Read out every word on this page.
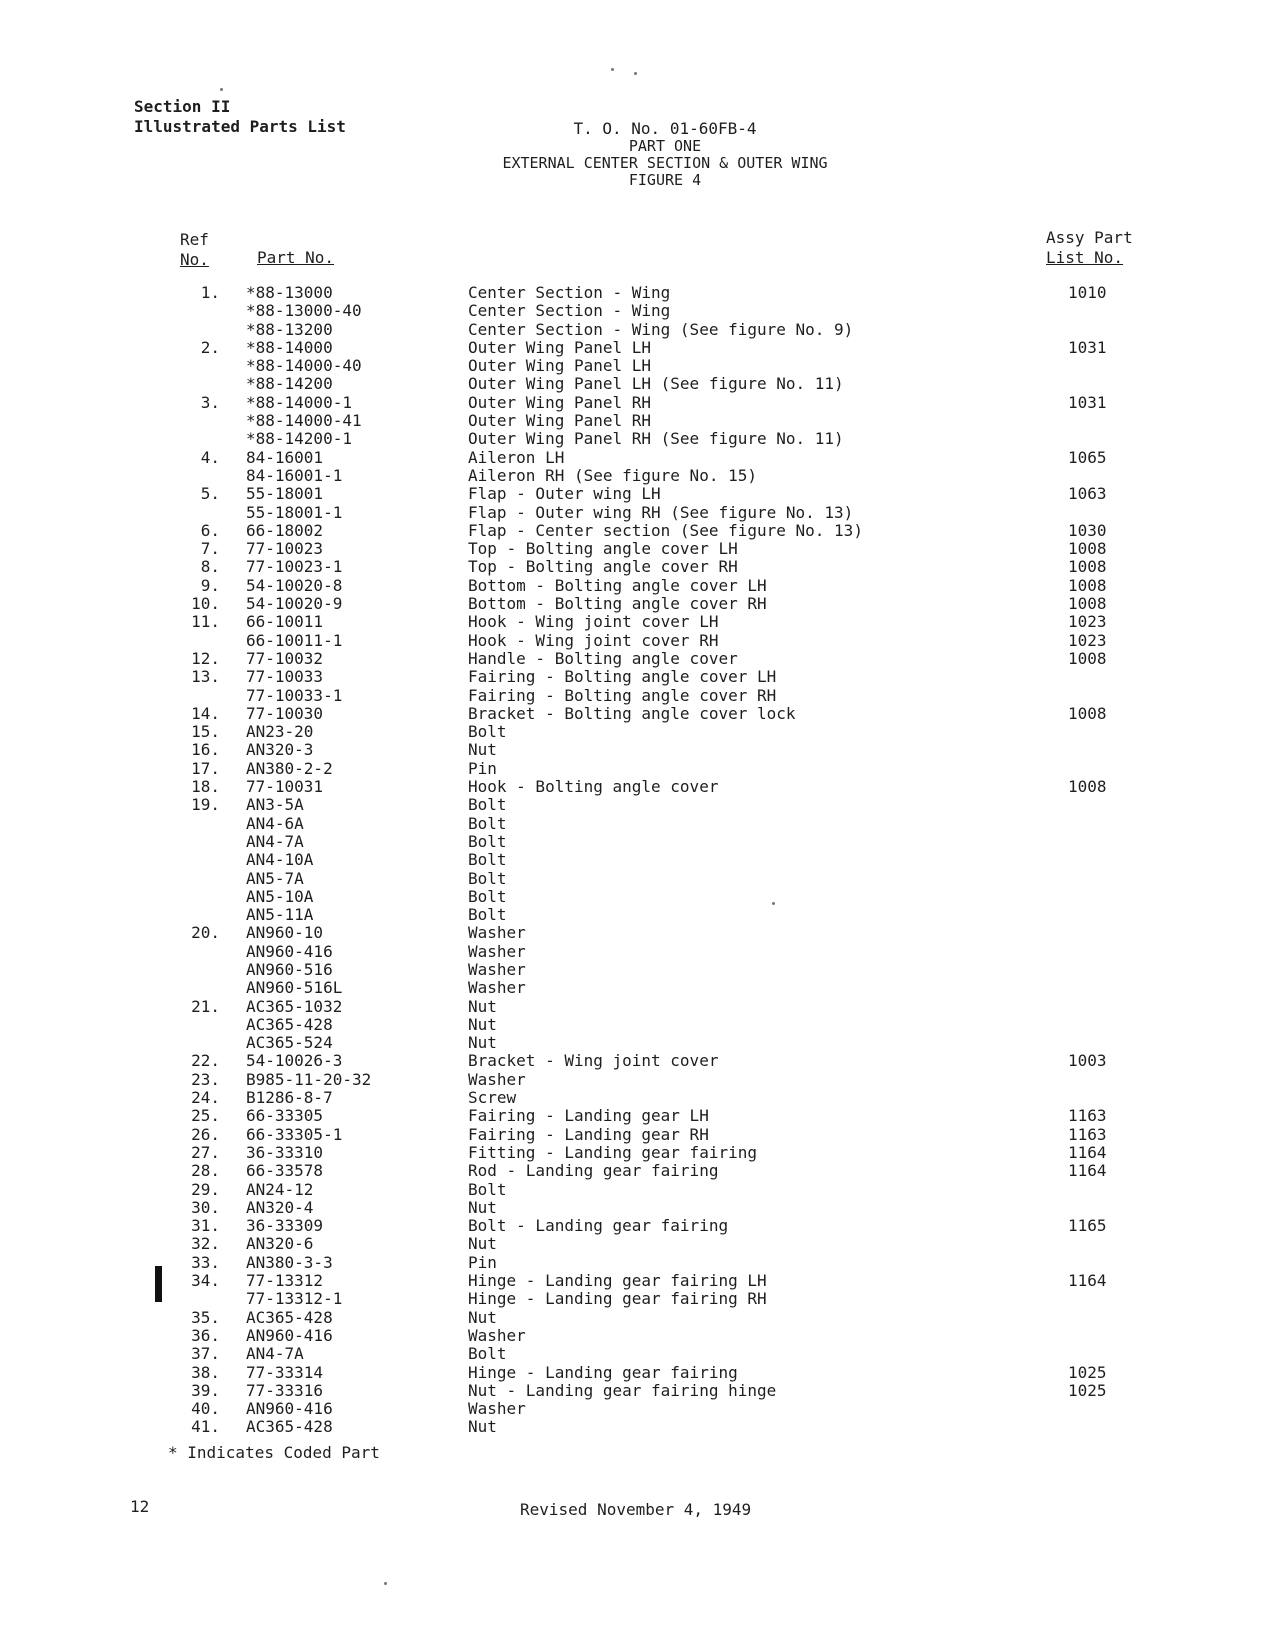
Section II
Illustrated Parts List	T. O. No. 01-60FB-4
PART ONE
EXTERNAL CENTER SECTION & OUTER WING
FIGURE 4
Ref
No.	Part No.
Assy Part
List No.
1. *88-13000	Center Section - Wing	1010
*88-13000-40	Center Section - Wing
*88-13200	Center Section - Wing (See figure No. 9)
2. *88-14000	Outer Wing Panel LH	1031
*88-14000-40	Outer Wing Panel LH
*88-14200	Outer Wing Panel LH (See figure No. 11)
3. *88-14000-1	Outer Wing Panel RH	1031
*88-14000-41	Outer Wing Panel RH
*88-14200-1	Outer Wing Panel RH (See figure No. 11)
4. 84-16001	Aileron LH	1065
84-16001-1	Aileron RH (See figure No. 15)
5. 55-18001	Flap - Outer wing LH	1063
55-18001-1	Flap - Outer wing RH (See figure No. 13)
6. 66-18002	Flap - Center section (See figure No. 13)	1030
7. 77-10023	Top - Bolting angle cover LH	1008
8. 77-10023-1	Top - Bolting angle cover RH	1008
9. 54-10020-8	Bottom - Bolting angle cover LH	1008
10. 54-10020-9	Bottom - Bolting angle cover RH	1008
11. 66-10011	Hook - Wing joint cover LH	1023
66-10011-1	Hook - Wing joint cover RH	1023
12. 77-10032	Handle - Bolting angle cover	1008
13. 77-10033	Fairing - Bolting angle cover LH
77-10033-1	Fairing - Bolting angle cover RH
14. 77-10030	Bracket - Bolting angle cover lock	1008
15. AN23-20	Bolt
16. AN320-3	Nut
17. AN380-2-2	Pin
18. 77-10031	Hook - Bolting angle cover	1008
19. AN3-5A	Bolt
AN4-6A	Bolt
AN4-7A	Bolt
AN4-10A	Bolt
AN5-7A	Bolt
AN5-10A	Bolt
AN5-11A	Bolt
20. AN960-10	Washer
AN960-416	Washer
AN960-516	Washer
AN960-516L	Washer
21. AC365-1032	Nut
AC365-428	Nut
AC365-524	Nut
22. 54-10026-3	Bracket - Wing joint cover	1003
23. B985-11-20-32	Washer
24. B1286-8-7	Screw
25. 66-33305	Fairing - Landing gear LH	1163
26. 66-33305-1	Fairing - Landing gear RH	1163
27. 36-33310	Fitting - Landing gear fairing	1164
28. 66-33578	Rod - Landing gear fairing	1164
29. AN24-12	Bolt
30. AN320-4	Nut
31. 36-33309	Bolt - Landing gear fairing	1165
32. AN320-6	Nut
33. AN380-3-3	Pin
34. 77-13312	Hinge - Landing gear fairing LH	1164
77-13312-1	Hinge - Landing gear fairing RH
35. AC365-428	Nut
36. AN960-416	Washer
37. AN4-7A	Bolt
38. 77-33314	Hinge - Landing gear fairing	1025
39. 77-33316	Nut - Landing gear fairing hinge	1025
40. AN960-416	Washer
41. AC365-428	Nut
* Indicates Coded Part
12	Revised November 4, 1949
